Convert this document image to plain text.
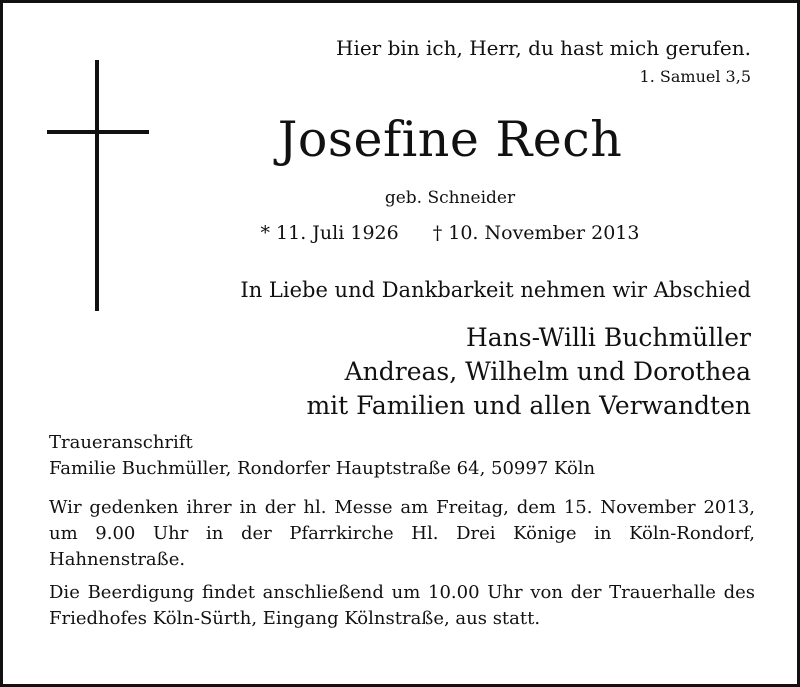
Hier bin ich, Herr, du hast mich gerufen.
1. Samuel 3,5
Josefine Rech
geb. Schneider
* 11. Juli 1926 † 10. November 2013
In Liebe und Dankbarkeit nehmen wir Abschied
Hans-Willi Buchmüller
Andreas, Wilhelm und Dorothea
mit Familien und allen Verwandten
Traueranschrift
Familie Buchmüller, Rondorfer Hauptstraße 64, 50997 Köln
Wir gedenken ihrer in der hl. Messe am Freitag, dem 15. November 2013, um 9.00 Uhr in der Pfarrkirche Hl. Drei Könige in Köln-Rondorf, Hahnenstraße.
Die Beerdigung findet anschließend um 10.00 Uhr von der Trauerhalle des Friedhofes Köln-Sürth, Eingang Kölnstraße, aus statt.
